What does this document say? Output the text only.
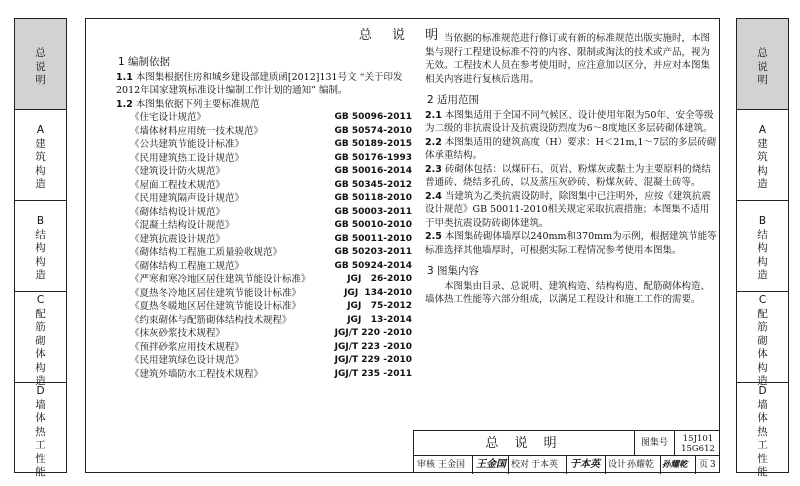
总
说
明
A
建
筑
构
造
B
结
构
构
造
C
配
筋
砌
体
构
造
D
墙
体
热
工
性
能
总
说
明
A
建
筑
构
造
B
结
构
构
造
C
配
筋
砌
体
构
造
D
墙
体
热
工
性
能
总 说 明
1 编制依据
1.1 本图集根据住房和城乡建设部建质函[2012]131号文 “关于印发2012年国家建筑标准设计编制工作计划的通知” 编制。
1.2 本图集依据下列主要标准规范
《住宅设计规范》	GB 50096-2011
《墙体材料应用统一技术规范》	GB 50574-2010
《公共建筑节能设计标准》	GB 50189-2015
《民用建筑热工设计规范》	GB 50176-1993
《建筑设计防火规范》	GB 50016-2014
《屋面工程技术规范》	GB 50345-2012
《民用建筑隔声设计规范》	GB 50118-2010
《砌体结构设计规范》	GB 50003-2011
《混凝土结构设计规范》	GB 50010-2010
《建筑抗震设计规范》	GB 50011-2010
《砌体结构工程施工质量验收规范》	GB 50203-2011
《砌体结构工程施工规范》	GB 50924-2014
《严寒和寒冷地区居住建筑节能设计标准》	JGJ   26-2010
《夏热冬冷地区居住建筑节能设计标准》	JGJ  134-2010
《夏热冬暖地区居住建筑节能设计标准》	JGJ   75-2012
《约束砌体与配筋砌体结构技术规程》	JGJ   13-2014
《抹灰砂浆技术规程》	JGJ/T 220 -2010
《预拌砂浆应用技术规程》	JGJ/T 223 -2010
《民用建筑绿色设计规范》	JGJ/T 229 -2010
《建筑外墙防水工程技术规程》	JGJ/T 235 -2011
当依据的标准规范进行修订或有新的标准规范出版实施时，本图集与现行工程建设标准不符的内容、限制或淘汰的技术或产品，视为无效。工程技术人员在参考使用时，应注意加以区分，并应对本图集相关内容进行复核后选用。
2 适用范围
2.1 本图集适用于全国不同气候区、设计使用年限为50年、安全等级为二级的非抗震设计及抗震设防烈度为6～8度地区多层砖砌体建筑。
2.2 本图集适用的建筑高度（H）要求：H＜21m,1～7层的多层砖砌体承重结构。
2.3 砖砌体包括：以煤矸石、页岩、粉煤灰或黏土为主要原料的烧结普通砖、烧结多孔砖，以及蒸压灰砂砖、粉煤灰砖、混凝土砖等。
2.4 当建筑为乙类抗震设防时，除图集中已注明外，应按《建筑抗震设计规范》GB 50011-2010相关规定采取抗震措施；本图集不适用于甲类抗震设防砖砌体建筑。
2.5 本图集砖砌体墙厚以240mm和370mm为示例，根据建筑节能等标准选择其他墙厚时，可根据实际工程情况参考使用本图集。
3 图集内容
本图集由目录、总说明、建筑构造、结构构造、配筋砌体构造、墙体热工性能等六部分组成，以满足工程设计和施工工作的需要。
总 说 明	图集号	15J101
15G612
审核 王金国 王金国 校对 于本英 于本英 设计 孙耀乾 孙耀乾 页 3
